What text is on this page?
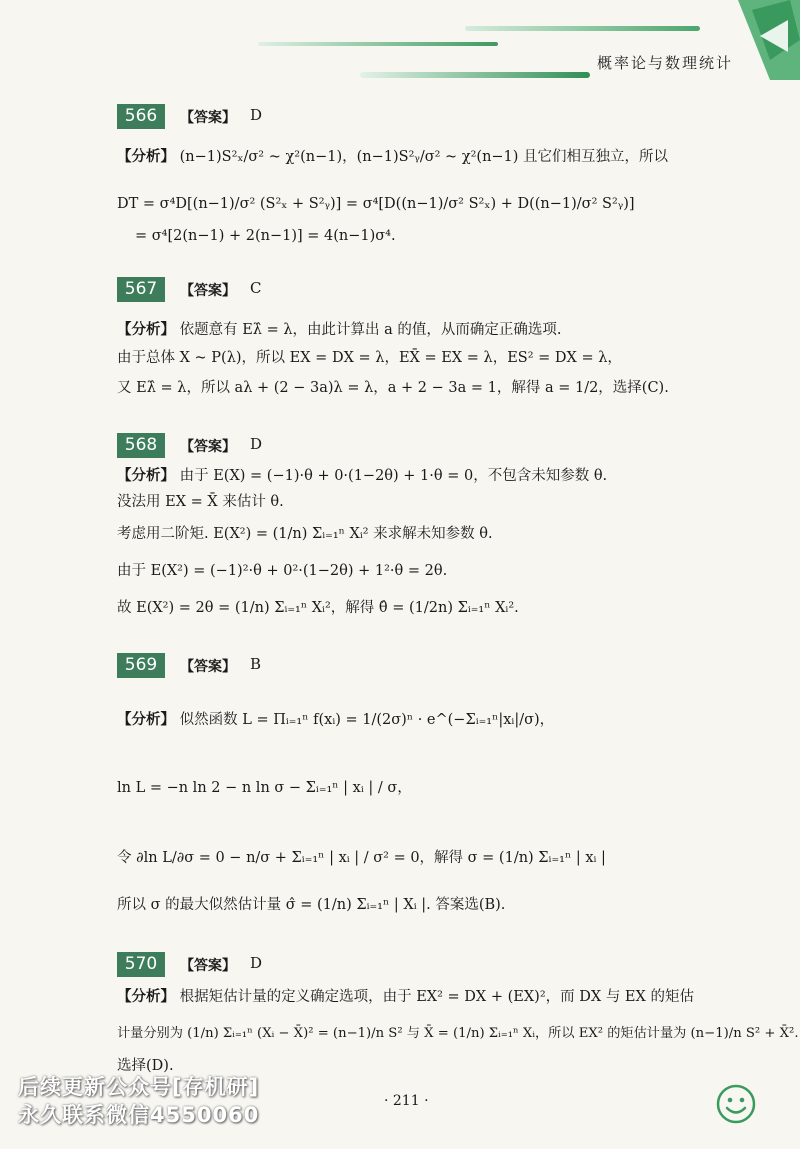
概率论与数理统计
566	【答案】 D
【分析】 (n−1)S²ₓ/σ² ~ χ²(n−1)，(n−1)S²ᵧ/σ² ~ χ²(n−1) 且它们相互独立，所以
DT = σ⁴D[(n−1)/σ² (S²ₓ + S²ᵧ)] = σ⁴[D((n−1)/σ² S²ₓ) + D((n−1)/σ² S²ᵧ)]
= σ⁴[2(n−1) + 2(n−1)] = 4(n−1)σ⁴.
567	【答案】 C
【分析】 依题意有 Eλ̂ = λ，由此计算出 a 的值，从而确定正确选项.
由于总体 X ~ P(λ)，所以 EX = DX = λ，EX̄ = EX = λ，ES² = DX = λ，
又 Eλ̂ = λ，所以 aλ + (2 − 3a)λ = λ，a + 2 − 3a = 1，解得 a = 1/2，选择(C).
568	【答案】 D
【分析】 由于 E(X) = (−1)·θ + 0·(1−2θ) + 1·θ = 0，不包含未知参数 θ.
没法用 EX = X̄ 来估计 θ.
考虑用二阶矩. E(X²) = (1/n) Σᵢ₌₁ⁿ Xᵢ² 来求解未知参数 θ.
由于 E(X²) = (−1)²·θ + 0²·(1−2θ) + 1²·θ = 2θ.
故 E(X²) = 2θ = (1/n) Σᵢ₌₁ⁿ Xᵢ²，解得 θ̂ = (1/2n) Σᵢ₌₁ⁿ Xᵢ².
569	【答案】 B
【分析】 似然函数 L = Πᵢ₌₁ⁿ f(xᵢ) = 1/(2σ)ⁿ · e^(−Σᵢ₌₁ⁿ|xᵢ|/σ)，
ln L = −n ln 2 − n ln σ − Σᵢ₌₁ⁿ | xᵢ | / σ，
令 ∂ln L/∂σ = 0 − n/σ + Σᵢ₌₁ⁿ | xᵢ | / σ² = 0，解得 σ = (1/n) Σᵢ₌₁ⁿ | xᵢ |
所以 σ 的最大似然估计量 σ̂ = (1/n) Σᵢ₌₁ⁿ | Xᵢ |. 答案选(B).
570	【答案】 D
【分析】 根据矩估计量的定义确定选项，由于 EX² = DX + (EX)²，而 DX 与 EX 的矩估
计量分别为 (1/n) Σᵢ₌₁ⁿ (Xᵢ − X̄)² = (n−1)/n S² 与 X̄ = (1/n) Σᵢ₌₁ⁿ Xᵢ，所以 EX² 的矩估计量为 (n−1)/n S² + X̄².
选择(D).
后续更新公众号[存机研]
永久联系微信4550060
· 211 ·
